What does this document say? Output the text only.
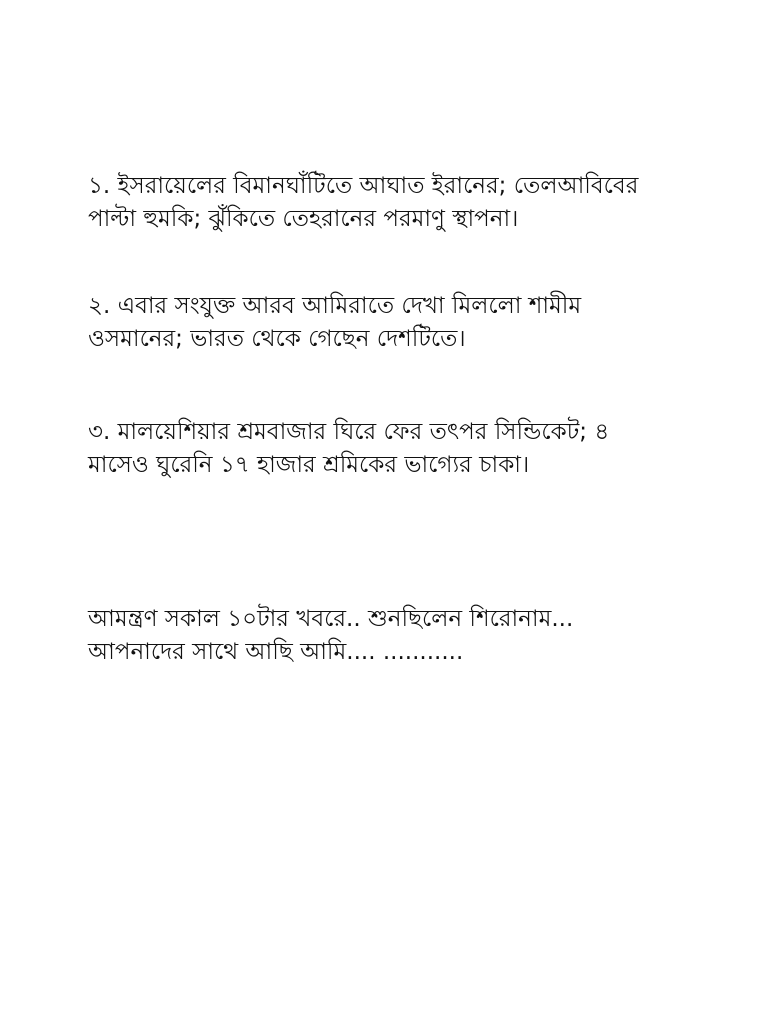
১. ইসরায়েলের বিমানঘাঁটিতে আঘাত ইরানের; তেলআবিবের
পাল্টা হুমকি; ঝুঁকিতে তেহরানের পরমাণু স্থাপনা।
২. এবার সংযুক্ত আরব আমিরাতে দেখা মিললো শামীম
ওসমানের; ভারত থেকে গেছেন দেশটিতে।
৩. মালয়েশিয়ার শ্রমবাজার ঘিরে ফের তৎপর সিন্ডিকেট; ৪
মাসেও ঘুরেনি ১৭ হাজার শ্রমিকের ভাগ্যের চাকা।
আমন্ত্রণ সকাল ১০টার খবরে.. শুনছিলেন শিরোনাম...
আপনাদের সাথে আছি আমি.... ...........
